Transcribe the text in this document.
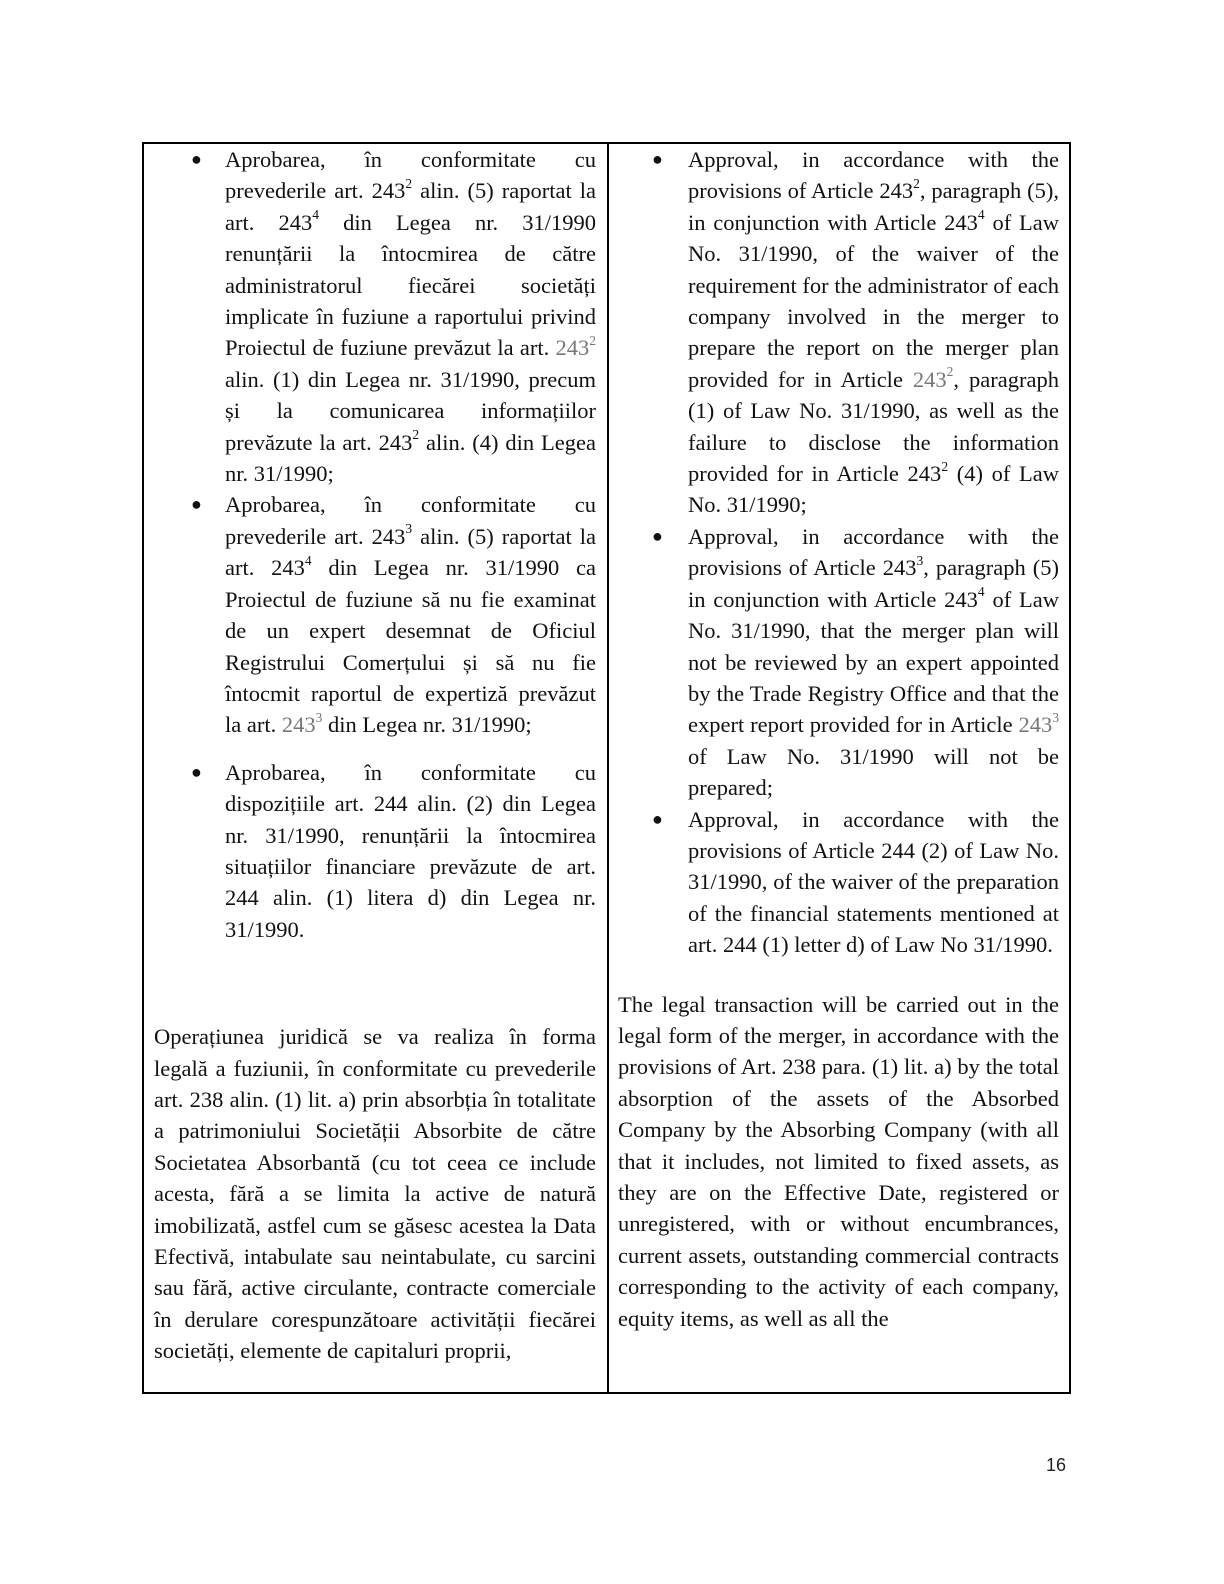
● Aprobarea, în conformitate cu prevederile art. $243^2$ alin. (5) raportat la art. $243^4$ din Legea nr. 31/1990 renunțării la întocmirea de către administratorul fiecărei societăți implicate în fuziune a raportului privind Proiectul de fuziune prevăzut la art. $243^2$ alin. (1) din Legea nr. 31/1990, precum și la comunicarea informațiilor prevăzute la art. $243^2$ alin. (4) din Legea nr. 31/1990;
● Aprobarea, în conformitate cu prevederile art. $243^3$ alin. (5) raportat la art. $243^4$ din Legea nr. 31/1990 ca Proiectul de fuziune să nu fie examinat de un expert desemnat de Oficiul Registrului Comerțului și să nu fie întocmit raportul de expertiză prevăzut la art. $243^3$ din Legea nr. 31/1990;
● Aprobarea, în conformitate cu dispozițiile art. 244 alin. (2) din Legea nr. 31/1990, renunțării la întocmirea situațiilor financiare prevăzute de art. 244 alin. (1) litera d) din Legea nr. 31/1990.

Operațiunea juridică se va realiza în forma legală a fuziunii, în conformitate cu prevederile art. 238 alin. (1) lit. a) prin absorbția în totalitate a patrimoniului Societății Absorbite de către Societatea Absorbantă (cu tot ceea ce include acesta, fără a se limita la active de natură imobilizată, astfel cum se găsesc acestea la Data Efectivă, intabulate sau neintabulate, cu sarcini sau fără, active circulante, contracte comerciale în derulare corespunzătoare activității fiecărei societăți, elemente de capitaluri proprii,

● Approval, in accordance with the provisions of Article $243^2$, paragraph (5), in conjunction with Article $243^4$ of Law No. 31/1990, of the waiver of the requirement for the administrator of each company involved in the merger to prepare the report on the merger plan provided for in Article $243^2$, paragraph (1) of Law No. 31/1990, as well as the failure to disclose the information provided for in Article $243^2$ (4) of Law No. 31/1990;
● Approval, in accordance with the provisions of Article $243^3$, paragraph (5) in conjunction with Article $243^4$ of Law No. 31/1990, that the merger plan will not be reviewed by an expert appointed by the Trade Registry Office and that the expert report provided for in Article $243^3$ of Law No. 31/1990 will not be prepared;
● Approval, in accordance with the provisions of Article 244 (2) of Law No. 31/1990, of the waiver of the preparation of the financial statements mentioned at art. 244 (1) letter d) of Law No 31/1990.

The legal transaction will be carried out in the legal form of the merger, in accordance with the provisions of Art. 238 para. (1) lit. a) by the total absorption of the assets of the Absorbed Company by the Absorbing Company (with all that it includes, not limited to fixed assets, as they are on the Effective Date, registered or unregistered, with or without encumbrances, current assets, outstanding commercial contracts corresponding to the activity of each company, equity items, as well as all the

16
